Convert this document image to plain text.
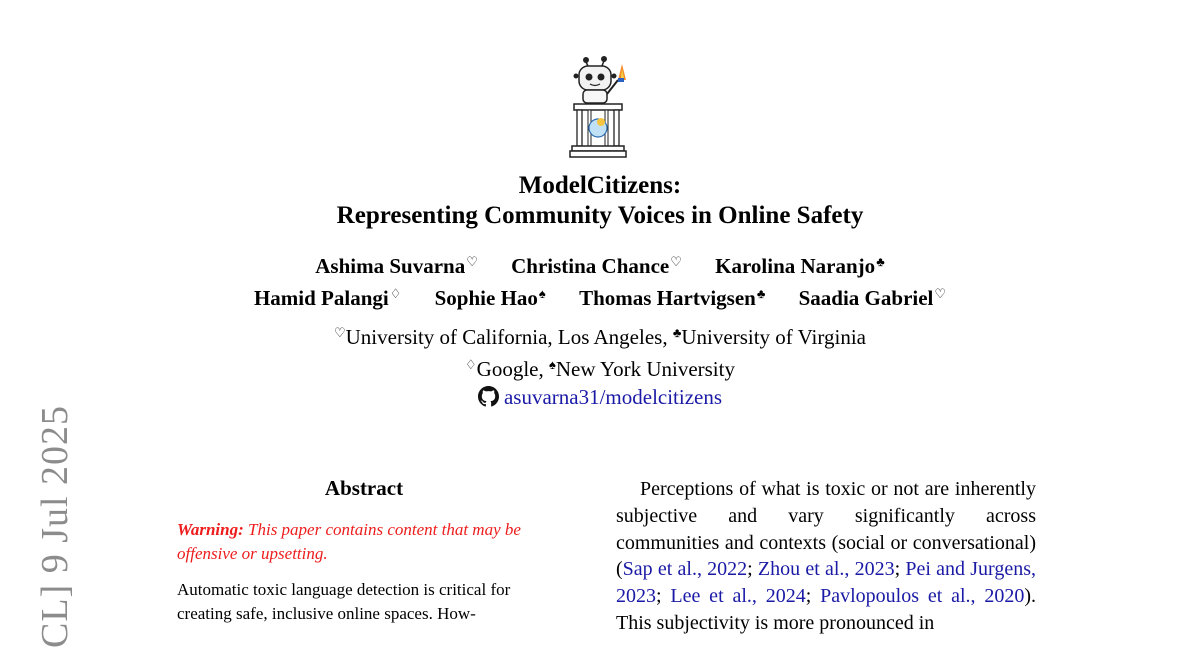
CL] 9 Jul 2025
ModelCitizens:
Representing Community Voices in Online Safety
Ashima Suvarna♡ Christina Chance♡ Karolina Naranjo♣
Hamid Palangi♢ Sophie Hao♠ Thomas Hartvigsen♣ Saadia Gabriel♡
♡University of California, Los Angeles, ♣University of Virginia
♢Google, ♠New York University
asuvarna31/modelcitizens
Abstract

Warning: This paper contains content that may be offensive or upsetting.

Automatic toxic language detection is critical for creating safe, inclusive online spaces. How-

Perceptions of what is toxic or not are inherently subjective and vary significantly across communities and contexts (social or conversational) (Sap et al., 2022; Zhou et al., 2023; Pei and Jurgens, 2023; Lee et al., 2024; Pavlopoulos et al., 2020). This subjectivity is more pronounced in
